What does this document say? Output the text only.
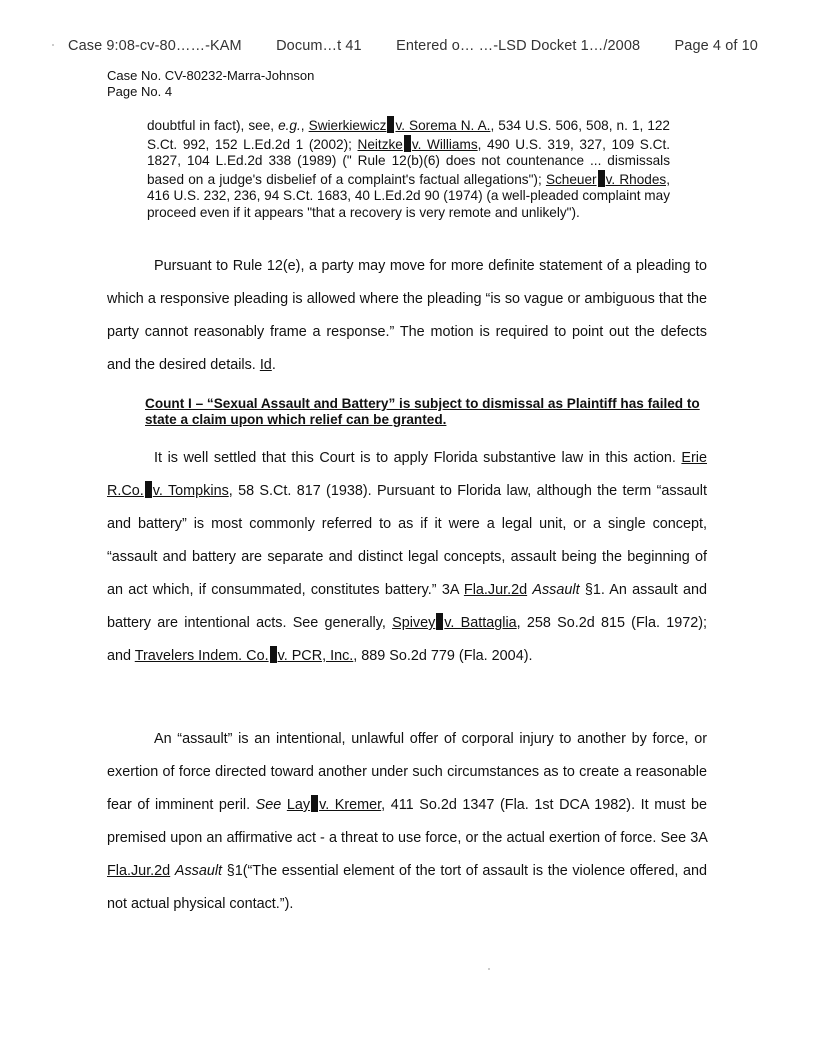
Case 9:08-cv-80……-KAM Docum…t 41 Entered o… …-LSD Docket 1…/2008 Page 4 of 10
Case No. CV-80232-Marra-Johnson
Page No. 4

doubtful in fact), see, e.g., Swierkiewicz v. Sorema N. A., 534 U.S. 506, 508, n. 1, 122 S.Ct. 992, 152 L.Ed.2d 1 (2002); Neitzke v. Williams, 490 U.S. 319, 327, 109 S.Ct. 1827, 104 L.Ed.2d 338 (1989) (" Rule 12(b)(6) does not countenance ... dismissals based on a judge's disbelief of a complaint's factual allegations"); Scheuer v. Rhodes, 416 U.S. 232, 236, 94 S.Ct. 1683, 40 L.Ed.2d 90 (1974) (a well-pleaded complaint may proceed even if it appears "that a recovery is very remote and unlikely").

Pursuant to Rule 12(e), a party may move for more definite statement of a pleading to which a responsive pleading is allowed where the pleading “is so vague or ambiguous that the party cannot reasonably frame a response.” The motion is required to point out the defects and the desired details. Id.

Count I – “Sexual Assault and Battery” is subject to dismissal as Plaintiff has failed to state a claim upon which relief can be granted.

It is well settled that this Court is to apply Florida substantive law in this action. Erie R.Co. v. Tompkins, 58 S.Ct. 817 (1938). Pursuant to Florida law, although the term “assault and battery” is most commonly referred to as if it were a legal unit, or a single concept, “assault and battery are separate and distinct legal concepts, assault being the beginning of an act which, if consummated, constitutes battery.” 3A Fla.Jur.2d Assault §1. An assault and battery are intentional acts. See generally, Spivey v. Battaglia, 258 So.2d 815 (Fla. 1972); and Travelers Indem. Co. v. PCR, Inc., 889 So.2d 779 (Fla. 2004).

An “assault” is an intentional, unlawful offer of corporal injury to another by force, or exertion of force directed toward another under such circumstances as to create a reasonable fear of imminent peril. See Lay v. Kremer, 411 So.2d 1347 (Fla. 1st DCA 1982). It must be premised upon an affirmative act - a threat to use force, or the actual exertion of force. See 3A Fla.Jur.2d Assault §1(“The essential element of the tort of assault is the violence offered, and not actual physical contact.”).
